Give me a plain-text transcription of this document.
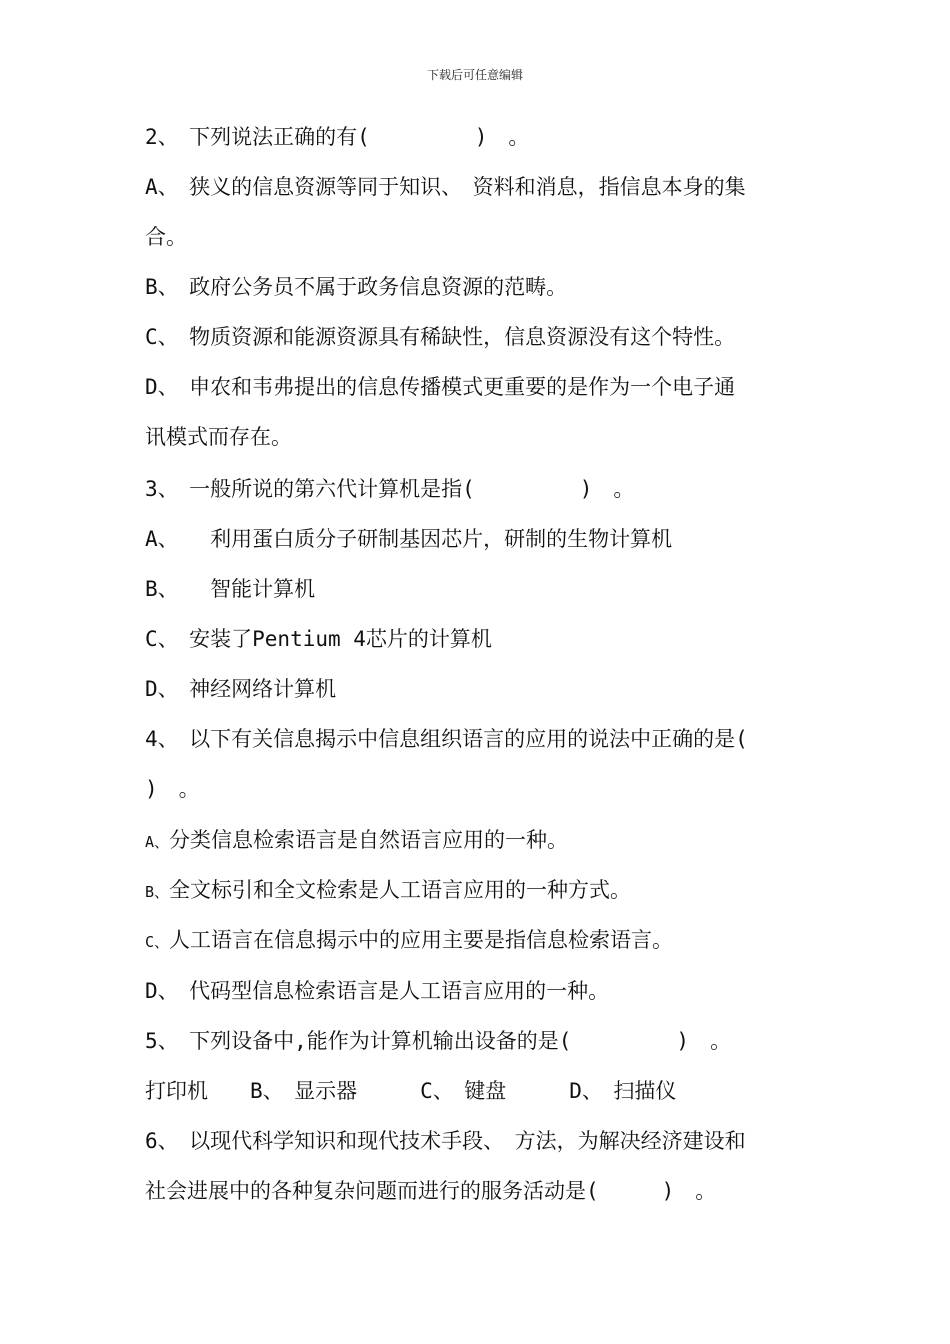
下载后可任意编辑
2、　下列说法正确的有(　　　　　)　。
A、　狭义的信息资源等同于知识、　资料和消息，指信息本身的集
合。
B、　政府公务员不属于政务信息资源的范畴。
C、　物质资源和能源资源具有稀缺性，信息资源没有这个特性。
D、　申农和韦弗提出的信息传播模式更重要的是作为一个电子通
讯模式而存在。
3、　一般所说的第六代计算机是指(　　　　　)　。
A、　　利用蛋白质分子研制基因芯片，研制的生物计算机
B、　　智能计算机
C、　安装了Pentium 4芯片的计算机
D、　神经网络计算机
4、　以下有关信息揭示中信息组织语言的应用的说法中正确的是(
)　。
A、分类信息检索语言是自然语言应用的一种。
B、全文标引和全文检索是人工语言应用的一种方式。
C、人工语言在信息揭示中的应用主要是指信息检索语言。
D、　代码型信息检索语言是人工语言应用的一种。
5、　下列设备中,能作为计算机输出设备的是(　　　　　)　。
打印机　　B、　显示器　　　C、　键盘　　　D、　扫描仪
6、　以现代科学知识和现代技术手段、　方法，为解决经济建设和
社会进展中的各种复杂问题而进行的服务活动是(　　　)　。
